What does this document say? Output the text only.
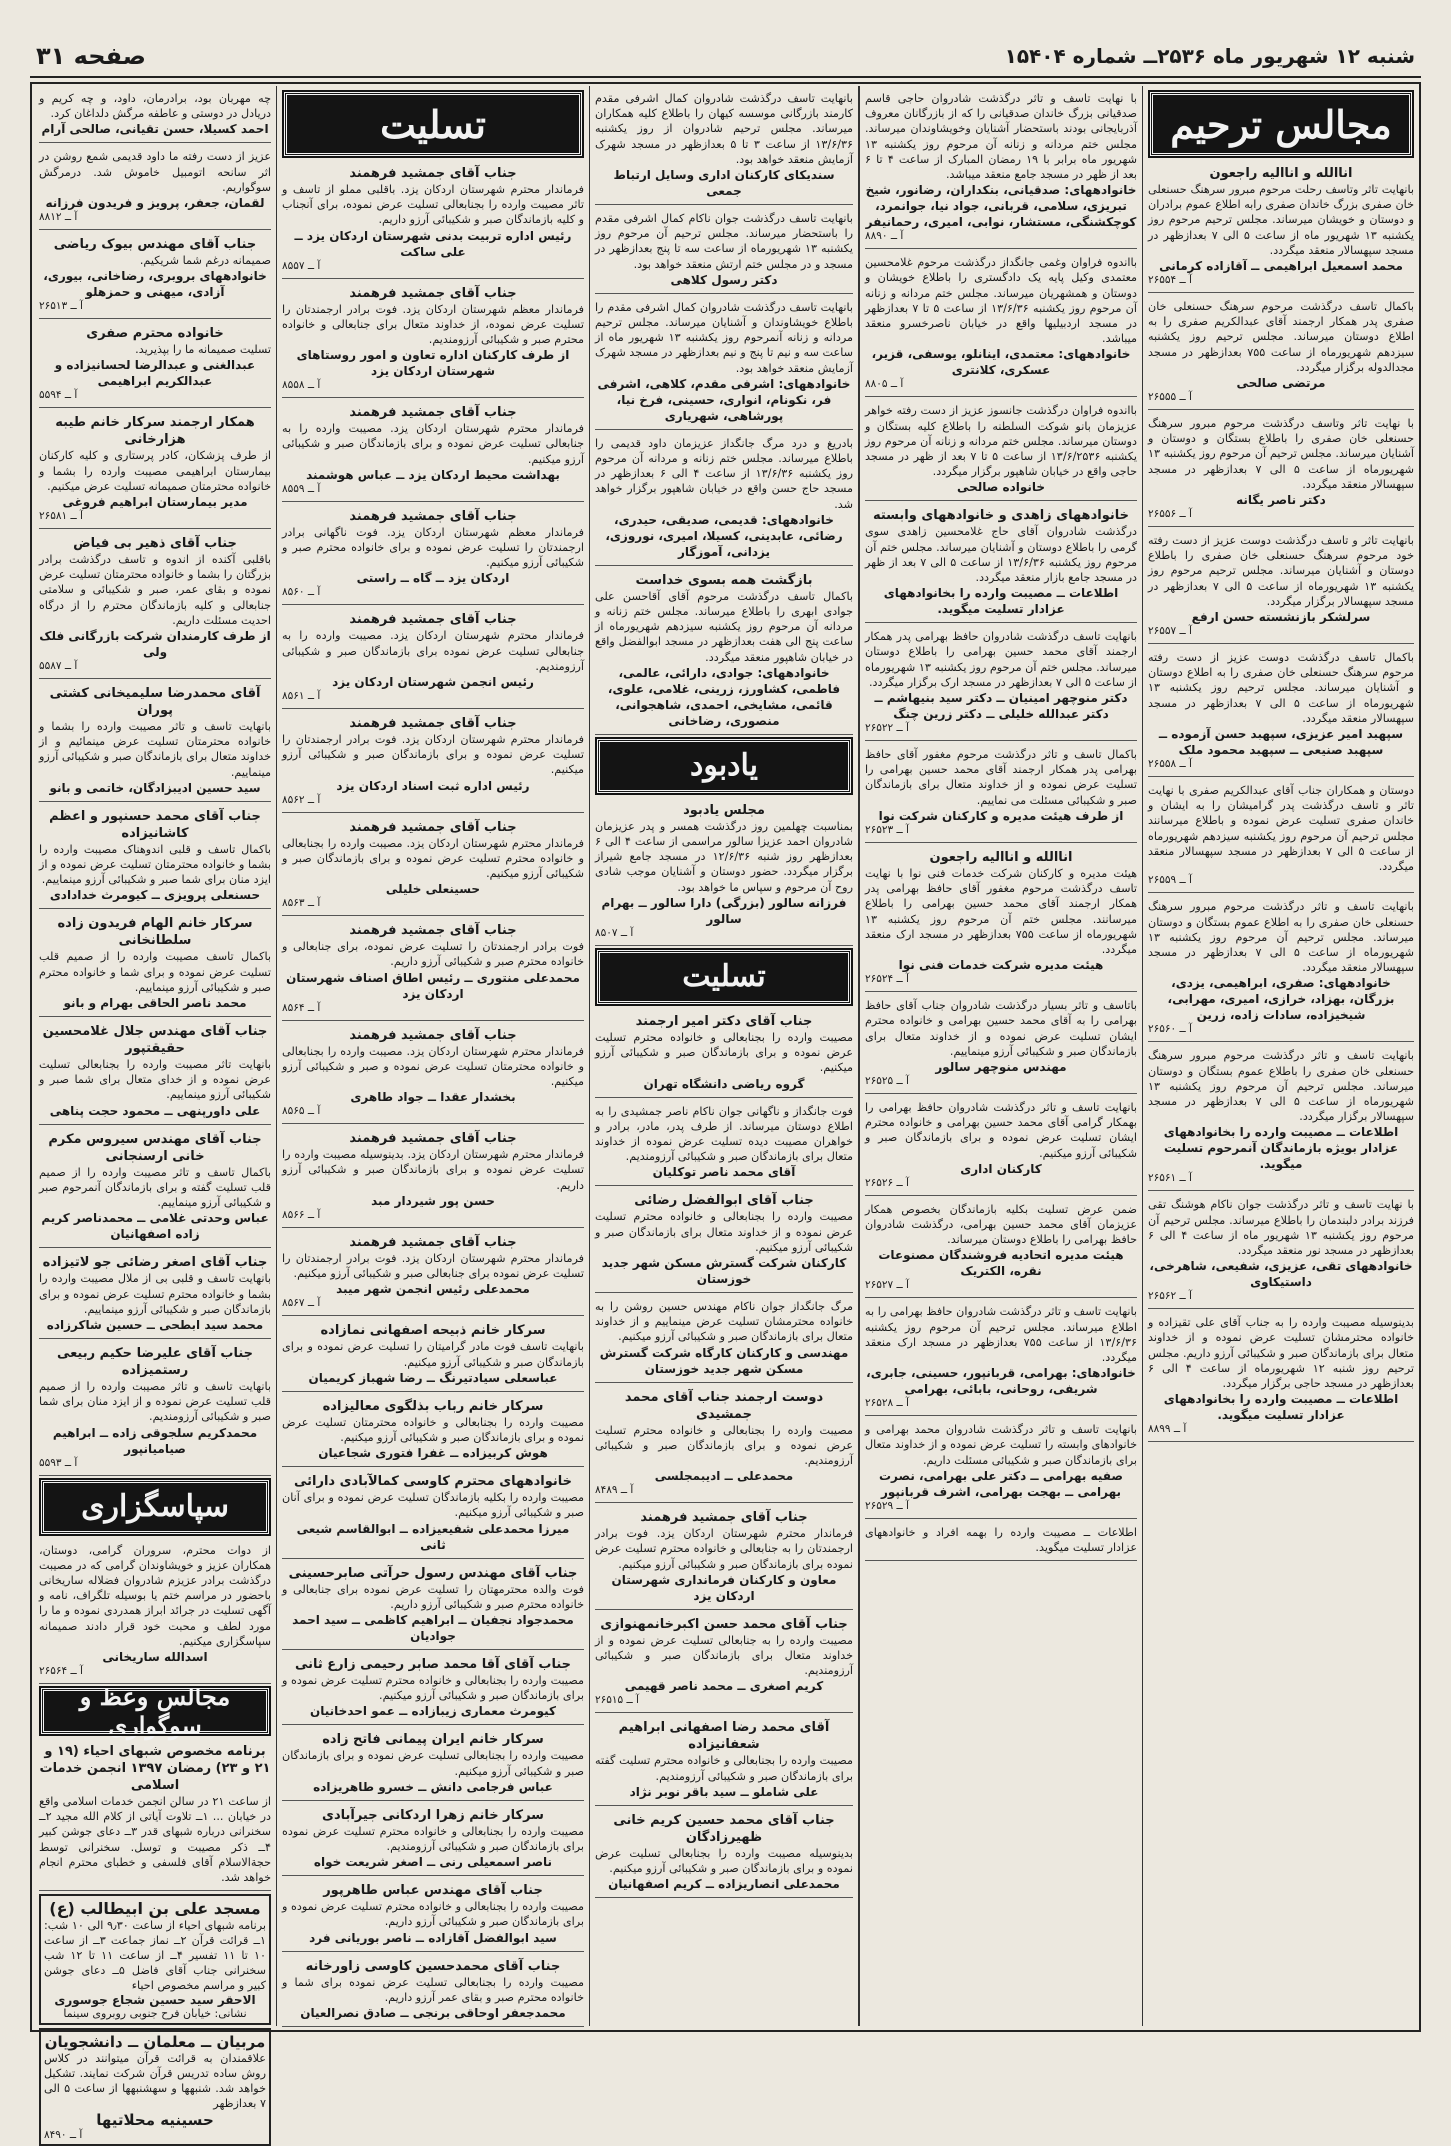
شنبه ۱۲ شهریور ماه ۲۵۳۶ــ شماره ۱۵۴۰۴
صفحه ۳۱
مجالس ترحیم
اناالله و اناالیه راجعون
بانهایت تاثر وتاسف رحلت مرحوم مبرور سرهنگ حسنعلی خان صفری بزرگ خاندان صفری رابه اطلاع عموم برادران و دوستان و خویشان میرساند. مجلس ترحیم مرحوم روز یکشنبه ۱۳ شهریور ماه از ساعت ۵ الی ۷ بعدازظهر در مسجد سپهسالار منعقد میگردد.
محمد اسمعیل ابراهیمی ــ آقازاده کرمانی
آ ــ ۲۶۵۵۴
باکمال تاسف درگذشت مرحوم سرهنگ حسنعلی خان صفری پدر همکار ارجمند آقای عبدالکریم صفری را به اطلاع دوستان میرساند. مجلس ترحیم روز یکشنبه سیزدهم شهریورماه از ساعت ۷۵۵ بعدازظهر در مسجد مجدالدوله برگزار میگردد.
مرتضی صالحی
آ ــ ۲۶۵۵۵
با نهایت تاثر وتاسف درگذشت مرحوم مبرور سرهنگ حسنعلی خان صفری را باطلاع بستگان و دوستان و آشنایان میرساند. مجلس ترحیم آن مرحوم روز یکشنبه ۱۳ شهریورماه از ساعت ۵ الی ۷ بعدازظهر در مسجد سپهسالار منعقد میگردد.
دکتر ناصر یگانه
آ ــ ۲۶۵۵۶
بانهایت تاثر و تاسف درگذشت دوست عزیز از دست رفته خود مرحوم سرهنگ حسنعلی خان صفری را باطلاع دوستان و آشنایان میرساند. مجلس ترحیم مرحوم روز یکشنبه ۱۳ شهریورماه از ساعت ۵ الی ۷ بعدازظهر در مسجد سپهسالار برگزار میگردد.
سرلشکر بازنشسته حسن ارفع
آ ــ ۲۶۵۵۷
باکمال تاسف درگذشت دوست عزیز از دست رفته مرحوم سرهنگ حسنعلی خان صفری را به اطلاع دوستان و آشنایان میرساند. مجلس ترحیم روز یکشنبه ۱۳ شهریورماه از ساعت ۵ الی ۷ بعدازظهر در مسجد سپهسالار منعقد میگردد.
سپهبد امیر عزیزی، سپهبد حسن آزموده ــ سپهبد صنیعی ــ سپهبد محمود ملک
آ ــ ۲۶۵۵۸
دوستان و همکاران جناب آقای عبدالکریم صفری با نهایت تاثر و تاسف درگذشت پدر گرامیشان را به ایشان و خاندان صفری تسلیت عرض نموده و باطلاع میرسانند مجلس ترحیم آن مرحوم روز یکشنبه سیزدهم شهریورماه از ساعت ۵ الی ۷ بعدازظهر در مسجد سپهسالار منعقد میگردد.
آ ــ ۲۶۵۵۹
بانهایت تاسف و تاثر درگذشت مرحوم مبرور سرهنگ حسنعلی خان صفری را به اطلاع عموم بستگان و دوستان میرساند. مجلس ترحیم آن مرحوم روز یکشنبه ۱۳ شهریورماه از ساعت ۵ الی ۷ بعدازظهر در مسجد سپهسالار منعقد میگردد.
خانوادههای: صفری، ابراهیمی، یزدی، بزرگان، بهزاد، خرازی، امیری، مهرابی، شیخیزاده، سادات زاده، زرین
آ ــ ۲۶۵۶۰
بانهایت تاسف و تاثر درگذشت مرحوم مبرور سرهنگ حسنعلی خان صفری را باطلاع عموم بستگان و دوستان میرساند. مجلس ترحیم آن مرحوم روز یکشنبه ۱۳ شهریورماه از ساعت ۵ الی ۷ بعدازظهر در مسجد سپهسالار برگزار میگردد.
اطلاعات ــ مصیبت وارده را بخانوادههای عزادار بویژه بازماندگان آنمرحوم تسلیت میگوید.
آ ــ ۲۶۵۶۱
با نهایت تاسف و تاثر درگذشت جوان ناکام هوشنگ تقی فرزند برادر دلبندمان را باطلاع میرساند. مجلس ترحیم آن مرحوم روز یکشنبه ۱۳ شهریور ماه از ساعت ۴ الی ۶ بعدازظهر در مسجد نور منعقد میگردد.
خانوادههای تقی، عزیزی، شفیعی، شاهرخی، داستیکاوی
آ ــ ۲۶۵۶۲
بدینوسیله مصیبت وارده را به جناب آقای علی تقیزاده و خانواده محترمشان تسلیت عرض نموده و از خداوند متعال برای بازماندگان صبر و شکیبائی آرزو داریم. مجلس ترحیم روز شنبه ۱۲ شهریورماه از ساعت ۴ الی ۶ بعدازظهر در مسجد حاجی برگزار میگردد.
اطلاعات ــ مصیبت وارده را بخانوادههای عزادار تسلیت میگوید.
آ ــ ۸۸۹۹
با نهایت تاسف و تاثر درگذشت شادروان حاجی قاسم صدقیانی بزرگ خاندان صدقیانی را که از بازرگانان معروف آذربایجانی بودند باستحضار آشنایان وخویشاوندان میرساند. مجلس ختم مردانه و زنانه آن مرحوم روز یکشنبه ۱۳ شهریور ماه برابر با ۱۹ رمضان المبارک از ساعت ۴ تا ۶ بعد از ظهر در مسجد جامع منعقد میباشد.
خانوادههای: صدقیانی، بنکداران، رضانور، شیخ تبریزی، سلامی، قربانی، جواد نیا، جوانمرد، کوچکشنگی، مستشار، نوابی، امیری، رحمانیفر
آ ــ ۸۸۹۰
بااندوه فراوان وغمی جانگداز درگذشت مرحوم غلامحسین معتمدی وکیل پایه یک دادگستری را باطلاع خویشان و دوستان و همشهریان میرساند. مجلس ختم مردانه و زنانه آن مرحوم روز یکشنبه ۱۳/۶/۳۶ از ساعت ۵ تا ۷ بعدازظهر در مسجد اردبیلیها واقع در خیابان ناصرخسرو منعقد میباشد.
خانوادههای: معتمدی، اینانلو، یوسفی، قزیر، عسکری، کلانتری
آ ــ ۸۸۰۵
بااندوه فراوان درگذشت جانسوز عزیز از دست رفته خواهر عزیزمان بانو شوکت السلطنه را باطلاع کلیه بستگان و دوستان میرساند. مجلس ختم مردانه و زنانه آن مرحوم روز یکشنبه ۱۳/۶/۲۵۳۶ از ساعت ۵ تا ۷ بعد از ظهر در مسجد حاجی واقع در خیابان شاهپور برگزار میگردد.
خانواده صالحی
خانوادههای زاهدی و خانوادههای وابسته
درگذشت شادروان آقای حاج غلامحسین زاهدی سوی گرمی را باطلاع دوستان و آشنایان میرساند. مجلس ختم آن مرحوم روز یکشنبه ۱۳/۶/۳۶ از ساعت ۵ الی ۷ بعد از ظهر در مسجد جامع بازار منعقد میگردد.
اطلاعات ــ مصیبت وارده را بخانوادههای عزادار تسلیت میگوید.
بانهایت تاسف درگذشت شادروان حافظ بهرامی پدر همکار ارجمند آقای محمد حسین بهرامی را باطلاع دوستان میرساند. مجلس ختم آن مرحوم روز یکشنبه ۱۳ شهریورماه از ساعت ۵ الی ۷ بعدازظهر در مسجد ارک برگزار میگردد.
دکتر منوچهر امینیان ــ دکتر سید بنیهاشم ــ دکتر عبدالله خلیلی ــ دکتر زرین چنگ
آ ــ ۲۶۵۲۲
باکمال تاسف و تاثر درگذشت مرحوم مغفور آقای حافظ بهرامی پدر همکار ارجمند آقای محمد حسین بهرامی را تسلیت عرض نموده و از خداوند متعال برای بازماندگان صبر و شکیبائی مسئلت می نماییم.
از طرف هیئت مدیره و کارکنان شرکت نوا
آ ــ ۲۶۵۲۳
اناالله و اناالیه راجعون
هیئت مدیره و کارکنان شرکت خدمات فنی نوا با نهایت تاسف درگذشت مرحوم مغفور آقای حافظ بهرامی پدر همکار ارجمند آقای محمد حسین بهرامی را باطلاع میرسانند. مجلس ختم آن مرحوم روز یکشنبه ۱۳ شهریورماه از ساعت ۷۵۵ بعدازظهر در مسجد ارک منعقد میگردد.
هیئت مدیره شرکت خدمات فنی نوا
آ ــ ۲۶۵۲۴
باتاسف و تاثر بسیار درگذشت شادروان جناب آقای حافظ بهرامی را به آقای محمد حسین بهرامی و خانواده محترم ایشان تسلیت عرض نموده و از خداوند متعال برای بازماندگان صبر و شکیبائی آرزو مینماییم.
مهندس منوچهر سالور
آ ــ ۲۶۵۲۵
بانهایت تاسف و تاثر درگذشت شادروان حافظ بهرامی را بهمکار گرامی آقای محمد حسین بهرامی و خانواده محترم ایشان تسلیت عرض نموده و برای بازماندگان صبر و شکیبائی آرزو میکنیم.
کارکنان اداری
آ ــ ۲۶۵۲۶
ضمن عرض تسلیت بکلیه بازماندگان بخصوص همکار عزیزمان آقای محمد حسین بهرامی، درگذشت شادروان حافظ بهرامی را باطلاع دوستان میرساند.
هیئت مدیره اتحادیه فروشندگان مصنوعات نقره، الکتریک
آ ــ ۲۶۵۲۷
بانهایت تاسف و تاثر درگذشت شادروان حافظ بهرامی را به اطلاع میرساند. مجلس ترحیم آن مرحوم روز یکشنبه ۱۳/۶/۳۶ از ساعت ۷۵۵ بعدازظهر در مسجد ارک منعقد میگردد.
خانوادهای: بهرامی، قربانپور، حسینی، جابری، شریفی، روحانی، بابائی، بهرامی
آ ــ ۲۶۵۲۸
بانهایت تاسف و تاثر درگذشت شادروان محمد بهرامی و خانوادهای وابسته را تسلیت عرض نموده و از خداوند متعال برای بازماندگان صبر و شکیبائی مسئلت داریم.
صفیه بهرامی ــ دکتر علی بهرامی، نصرت بهرامی ــ بهجت بهرامی، اشرف قربانپور
آ ــ ۲۶۵۲۹
اطلاعات ــ مصیبت وارده را بهمه افراد و خانوادههای عزادار تسلیت میگوید.
بانهایت تاسف درگذشت شادروان کمال اشرفی مقدم کارمند بازرگانی موسسه کیهان را باطلاع کلیه همکاران میرساند. مجلس ترحیم شادروان از روز یکشنبه ۱۳/۶/۳۶ از ساعت ۳ تا ۵ بعدازظهر در مسجد شهرک آزمایش منعقد خواهد بود.
سندیکای کارکنان اداری وسایل ارتباط جمعی
بانهایت تاسف درگذشت جوان ناکام کمال اشرفی مقدم را باستحضار میرساند. مجلس ترحیم آن مرحوم روز یکشنبه ۱۳ شهریورماه از ساعت سه تا پنج بعدازظهر در مسجد و در مجلس ختم ارتش منعقد خواهد بود.
دکتر رسول کلاهی
بانهایت تاسف درگذشت شادروان کمال اشرفی مقدم را باطلاع خویشاوندان و آشنایان میرساند. مجلس ترحیم مردانه و زنانه آنمرحوم روز یکشنبه ۱۳ شهریور ماه از ساعت سه و نیم تا پنج و نیم بعدازظهر در مسجد شهرک آزمایش منعقد خواهد بود.
خانوادههای: اشرفی مقدم، کلاهی، اشرفی فر، نکونام، انواری، حسینی، فرخ نیا، پورشاهی، شهریاری
بادریغ و درد مرگ جانگداز عزیزمان داود قدیمی را باطلاع میرساند. مجلس ختم زنانه و مردانه آن مرحوم روز یکشنبه ۱۳/۶/۳۶ از ساعت ۴ الی ۶ بعدازظهر در مسجد حاج حسن واقع در خیابان شاهپور برگزار خواهد شد.
خانوادههای: قدیمی، صدیقی، حیدری، رضائی، عابدینی، کسیلا، امیری، نوروزی، یزدانی، آموزگار
بازگشت همه بسوی خداست
باکمال تاسف درگذشت مرحوم آقای آقاحسن علی جوادی ابهری را باطلاع میرساند. مجلس ختم زنانه و مردانه آن مرحوم روز یکشنبه سیزدهم شهریورماه از ساعت پنج الی هفت بعدازظهر در مسجد ابوالفضل واقع در خیابان شاهپور منعقد میگردد.
خانوادههای: جوادی، دارائی، عالمی، فاطمی، کشاورز، زرینی، غلامی، علوی، قائمی، مشایخی، احمدی، شاهجوانی، منصوری، رضاخانی
یادبود
مجلس یادبود
بمناسبت چهلمین روز درگذشت همسر و پدر عزیزمان شادروان احمد عزیزا سالور مراسمی از ساعت ۴ الی ۶ بعدازظهر روز شنبه ۱۲/۶/۳۶ در مسجد جامع شیراز برگزار میگردد. حضور دوستان و آشنایان موجب شادی روح آن مرحوم و سپاس ما خواهد بود.
فرزانه سالور (بزرگی) دارا سالور ــ بهرام سالور
آ ــ ۸۵۰۷
تسلیت
جناب آقای دکتر امیر ارجمند
مصیبت وارده را بجنابعالی و خانواده محترم تسلیت عرض نموده و برای بازماندگان صبر و شکیبائی آرزو میکنیم.
گروه ریاضی دانشگاه تهران
فوت جانگداز و ناگهانی جوان ناکام ناصر جمشیدی را به اطلاع دوستان میرساند. از طرف پدر، مادر، برادر و خواهران مصیبت دیده تسلیت عرض نموده از خداوند متعال برای بازماندگان صبر و شکیبائی آرزومندیم.
آقای محمد ناصر توکلیان
جناب آقای ابوالفضل رضائی
مصیبت وارده را بجنابعالی و خانواده محترم تسلیت عرض نموده و از خداوند متعال برای بازماندگان صبر و شکیبائی آرزو میکنیم.
کارکنان شرکت گسترش مسکن شهر جدید خوزستان
مرگ جانگداز جوان ناکام مهندس حسین روشن را به خانواده محترمشان تسلیت عرض مینماییم و از خداوند متعال برای بازماندگان صبر و شکیبائی آرزو میکنیم.
مهندسی و کارکنان کارگاه شرکت گسترش مسکن شهر جدید خوزستان
دوست ارجمند جناب آقای محمد جمشیدی
مصیبت وارده را بجنابعالی و خانواده محترم تسلیت عرض نموده و برای بازماندگان صبر و شکیبائی آرزومندیم.
محمدعلی ــ ادیبمجلسی
آ ــ ۸۴۸۹
جناب آقای جمشید فرهمند
فرماندار محترم شهرستان اردکان یزد. فوت برادر ارجمندتان را به جنابعالی و خانواده محترم تسلیت عرض نموده برای بازماندگان صبر و شکیبائی آرزو میکنیم.
معاون و کارکنان فرمانداری شهرستان اردکان یزد
جناب آقای محمد حسن اکبرخانمهنوازی
مصیبت وارده را به جنابعالی تسلیت عرض نموده و از خداوند متعال برای بازماندگان صبر و شکیبائی آرزومندیم.
کریم اصغری ــ محمد ناصر قهیمی
آ ــ ۲۶۵۱۵
آقای محمد رضا اصفهانی ابراهیم شعفانیزاده
مصیبت وارده را بجنابعالی و خانواده محترم تسلیت گفته برای بازماندگان صبر و شکیبائی آرزومندیم.
علی شاملو ــ سید باقر نوبر نژاد
جناب آقای محمد حسین کریم خانی ظهیرزادگان
بدینوسیله مصیبت وارده را بجنابعالی تسلیت عرض نموده و برای بازماندگان صبر و شکیبائی آرزو میکنیم.
محمدعلی انصاریزاده ــ کریم اصفهانیان
تسلیت
جناب آقای جمشید فرهمند
فرماندار محترم شهرستان اردکان یزد. باقلبی مملو از تاسف و تاثر مصیبت وارده را بجنابعالی تسلیت عرض نموده، برای آنجناب و کلیه بازماندگان صبر و شکیبائی آرزو داریم.
رئیس اداره تربیت بدنی شهرستان اردکان یزد ــ علی ساکت
آ ــ ۸۵۵۷
جناب آقای جمشید فرهمند
فرماندار معظم شهرستان اردکان یزد. فوت برادر ارجمندتان را تسلیت عرض نموده، از خداوند متعال برای جنابعالی و خانواده محترم صبر و شکیبائی آرزومندیم.
از طرف کارکنان اداره تعاون و امور روستاهای شهرستان اردکان یزد
آ ــ ۸۵۵۸
جناب آقای جمشید فرهمند
فرماندار محترم شهرستان اردکان یزد. مصیبت وارده را به جنابعالی تسلیت عرض نموده و برای بازماندگان صبر و شکیبائی آرزو میکنیم.
بهداشت محیط اردکان یزد ــ عباس هوشمند
آ ــ ۸۵۵۹
جناب آقای جمشید فرهمند
فرماندار معظم شهرستان اردکان یزد. فوت ناگهانی برادر ارجمندتان را تسلیت عرض نموده و برای خانواده محترم صبر و شکیبائی آرزو میکنیم.
اردکان یزد ــ گاه ــ راستی
آ ــ ۸۵۶۰
جناب آقای جمشید فرهمند
فرماندار محترم شهرستان اردکان یزد. مصیبت وارده را به جنابعالی تسلیت عرض نموده برای بازماندگان صبر و شکیبائی آرزومندیم.
رئیس انجمن شهرستان اردکان یزد
آ ــ ۸۵۶۱
جناب آقای جمشید فرهمند
فرماندار محترم شهرستان اردکان یزد. فوت برادر ارجمندتان را تسلیت عرض نموده و برای بازماندگان صبر و شکیبائی آرزو میکنیم.
رئیس اداره ثبت اسناد اردکان یزد
آ ــ ۸۵۶۲
جناب آقای جمشید فرهمند
فرماندار محترم شهرستان اردکان یزد. مصیبت وارده را بجنابعالی و خانواده محترم تسلیت عرض نموده و برای بازماندگان صبر و شکیبائی آرزو میکنیم.
حسینعلی خلیلی
آ ــ ۸۵۶۳
جناب آقای جمشید فرهمند
فوت برادر ارجمندتان را تسلیت عرض نموده، برای جنابعالی و خانواده محترم صبر و شکیبائی آرزو داریم.
محمدعلی منتوری ــ رئیس اطاق اصناف شهرستان اردکان یزد
آ ــ ۸۵۶۴
جناب آقای جمشید فرهمند
فرماندار محترم شهرستان اردکان یزد. مصیبت وارده را بجنابعالی و خانواده محترمتان تسلیت عرض نموده و صبر و شکیبائی آرزو میکنیم.
بخشدار عقدا ــ جواد طاهری
آ ــ ۸۵۶۵
جناب آقای جمشید فرهمند
فرماندار محترم شهرستان اردکان یزد. بدینوسیله مصیبت وارده را تسلیت عرض نموده و برای بازماندگان صبر و شکیبائی آرزو داریم.
حسن پور شیردار مبد
آ ــ ۸۵۶۶
جناب آقای جمشید فرهمند
فرماندار محترم شهرستان اردکان یزد. فوت برادر ارجمندتان را تسلیت عرض نموده برای جنابعالی صبر و شکیبائی آرزو میکنیم.
محمدعلی رئیس انجمن شهر میبد
آ ــ ۸۵۶۷
سرکار خانم ذبیحه اصفهانی نمازاده
بانهایت تاسف فوت مادر گرامیتان را تسلیت عرض نموده و برای بازماندگان صبر و شکیبائی آرزو میکنیم.
عباسعلی سیادتیرنگ ــ رضا شهباز کریمیان
سرکار خانم رباب بذلگوی معالیزاده
مصیبت وارده را بجنابعالی و خانواده محترمتان تسلیت عرض نموده و برای بازماندگان صبر و شکیبائی آرزو میکنیم.
هوش کربیزاده ــ غفرا فتوری شجاعیان
خانوادههای محترم کاوسی کمالآبادی دارائی
مصیبت وارده را بکلیه بازماندگان تسلیت عرض نموده و برای آنان صبر و شکیبائی آرزو میکنیم.
میرزا محمدعلی شفیعیزاده ــ ابوالقاسم شیعی ثانی
جناب آقای مهندس رسول حرآتی صابرحسینی
فوت والده محترمهتان را تسلیت عرض نموده برای جنابعالی و خانواده محترم صبر و شکیبائی آرزو داریم.
محمدجواد نجفیان ــ ابراهیم کاظمی ــ سید احمد جوادیان
جناب آقای آقا محمد صابر رحیمی زارع ثانی
مصیبت وارده را بجنابعالی و خانواده محترم تسلیت عرض نموده و برای بازماندگان صبر و شکیبائی آرزو میکنیم.
کیومرث معماری زیبازاده ــ عمو احدخانیان
سرکار خانم ایران پیمانی فاتح زاده
مصیبت وارده را بجنابعالی تسلیت عرض نموده و برای بازماندگان صبر و شکیبائی آرزو میکنیم.
عباس فرجامی دانش ــ خسرو طاهریزاده
سرکار خانم زهرا اردکانی جیرآبادی
مصیبت وارده را بجنابعالی و خانواده محترم تسلیت عرض نموده برای بازماندگان صبر و شکیبائی آرزومندیم.
ناصر اسمعیلی رنی ــ اصغر شریعت خواه
جناب آقای مهندس عباس طاهرپور
مصیبت وارده را بجنابعالی و خانواده محترم تسلیت عرض نموده و برای بازماندگان صبر و شکیبائی آرزو داریم.
سید ابوالفضل آقازاده ــ ناصر بوریانی فرد
جناب آقای محمدحسین کاوسی زاورخانه
مصیبت وارده را بجنابعالی تسلیت عرض نموده برای شما و خانواده محترم صبر و بقای عمر آرزو داریم.
محمدجعفر اوحاقی برنجی ــ صادق نصرالعیان
چه مهربان بود، برادرمان، داود، و چه کریم و دریادل در دوستی و عاطفه مرگش دلداغان کرد.
احمد کسیلا، حسن تقیانی، صالحی آرام
عزیز از دست رفته ما داود قدیمی شمع روشن در اثر سانحه اتومبیل خاموش شد. درمرگش سوگواریم.
لقمان، جعفر، پرویز و فریدون فرزانه
آ ــ ۸۸۱۲
جناب آقای مهندس بیوک ریاضی
صمیمانه درغم شما شریکیم.
خانوادههای بروبری، رضاخانی، بیوری، آزادی، میهنی و حمزهلو
آ ــ ۲۶۵۱۳
خانواده محترم صفری
تسلیت صمیمانه ما را بپذیرید.
عبدالغنی و عبدالرضا لحسانیزاده و عبدالکریم ابراهیمی
آ ــ ۵۵۹۴
همکار ارجمند سرکار خانم طیبه هزارخانی
از طرف پزشکان، کادر پرستاری و کلیه کارکنان بیمارستان ابراهیمی مصیبت وارده را بشما و خانواده محترمتان صمیمانه تسلیت عرض میکنیم.
مدیر بیمارستان ابراهیم فروغی
آ ــ ۲۶۵۸۱
جناب آقای ذهیر بی فیاض
باقلبی آکنده از اندوه و تاسف درگذشت برادر بزرگتان را بشما و خانواده محترمتان تسلیت عرض نموده و بقای عمر، صبر و شکیبائی و سلامتی جنابعالی و کلیه بازماندگان محترم را از درگاه احدیت مسئلت داریم.
از طرف کارمندان شرکت بازرگانی فلک ولی
آ ــ ۵۵۸۷
آقای محمدرضا سلیمیخانی کشتی پوران
بانهایت تاسف و تاثر مصیبت وارده را بشما و خانواده محترمتان تسلیت عرض مینمائیم و از خداوند متعال برای بازماندگان صبر و شکیبائی آرزو مینماییم.
سید حسین ادیبزادگان، خاتمی و بانو
جناب آقای محمد حسنپور و اعظم کاشانیزاده
باکمال تاسف و قلبی اندوهناک مصیبت وارده را بشما و خانواده محترمتان تسلیت عرض نموده و از ایزد منان برای شما صبر و شکیبائی آرزو مینماییم.
حسنعلی پرویزی ــ کیومرث خدادادی
سرکار خانم الهام فریدون زاده سلطانخانی
باکمال تاسف مصیبت وارده را از صمیم قلب تسلیت عرض نموده و برای شما و خانواده محترم صبر و شکیبائی آرزو مینماییم.
محمد ناصر الحاقی بهرام و بانو
جناب آقای مهندس جلال غلامحسین حقیقتپور
بانهایت تاثر مصیبت وارده را بجنابعالی تسلیت عرض نموده و از خدای متعال برای شما صبر و شکیبائی آرزو مینماییم.
علی داورپنهی ــ محمود حجت پناهی
جناب آقای مهندس سیروس مکرم خانی ارسنجانی
باکمال تاسف و تاثر مصیبت وارده را از صمیم قلب تسلیت گفته و برای بازماندگان آنمرحوم صبر و شکیبائی آرزو مینماییم.
عباس وحدتی غلامی ــ محمدناصر کریم زاده اصفهانیان
جناب آقای اصغر رضائی جو لاتیزاده
بانهایت تاسف و قلبی بی از ملال مصیبت وارده را بشما و خانواده محترم تسلیت عرض نموده و برای بازماندگان صبر و شکیبائی آرزو مینماییم.
محمد سید ابطحی ــ حسین شاکرزاده
جناب آقای علیرضا حکیم ربیعی رستمیزاده
بانهایت تاسف و تاثر مصیبت وارده را از صمیم قلب تسلیت عرض نموده و از ایزد منان برای شما صبر و شکیبائی آرزومندیم.
محمدکریم سلجوقی زاده ــ ابراهیم صیامیانپور
آ ــ ۵۵۹۳
سپاسگزاری
از دوات محترم، سروران گرامی، دوستان، همکاران عزیز و خویشاوندان گرامی که در مصیبت درگذشت برادر عزیزم شادروان فضلاله ساریخانی باحضور در مراسم ختم یا بوسیله تلگراف، نامه و آگهی تسلیت در جرائد ابراز همدردی نموده و ما را مورد لطف و محبت خود قرار دادند صمیمانه سپاسگزاری میکنیم.
اسدالله ساریخانی
آ ــ ۲۶۵۶۴
مجالس وعظ و سوگواری
برنامه مخصوص شبهای احیاء (۱۹ و ۲۱ و ۲۳) رمضان ۱۳۹۷ انجمن خدمات اسلامی
از ساعت ۲۱ در سالن انجمن خدمات اسلامی واقع در خیابان ... ۱ــ تلاوت آیاتی از کلام الله مجید ۲ــ سخنرانی درباره شبهای قدر ۳ــ دعای جوشن کبیر ۴ــ ذکر مصیبت و توسل. سخنرانی توسط حجةالاسلام آقای فلسفی و خطبای محترم انجام خواهد شد.
مسجد علی بن ابیطالب (ع)
برنامه شبهای احیاء از ساعت ۹٫۳۰ الی ۱۰ شب: ۱ــ قرائت قرآن ۲ــ نماز جماعت ۳ــ از ساعت ۱۰ تا ۱۱ تفسیر ۴ــ از ساعت ۱۱ تا ۱۲ شب سخنرانی جناب آقای فاضل ۵ــ دعای جوشن کبیر و مراسم مخصوص احیاء
الاحقر سید حسین شجاع جوسوری
نشانی: خیابان فرح جنوبی روبروی سینما
مربیان ــ معلمان ــ دانشجویان
علاقمندان به قرائت قرآن میتوانند در کلاس روش ساده تدریس قرآن شرکت نمایند. تشکیل خواهد شد. شنبهها و سهشنبهها از ساعت ۵ الی ۷ بعدازظهر
حسینیه محلاتیها
آ ــ ۸۴۹۰
